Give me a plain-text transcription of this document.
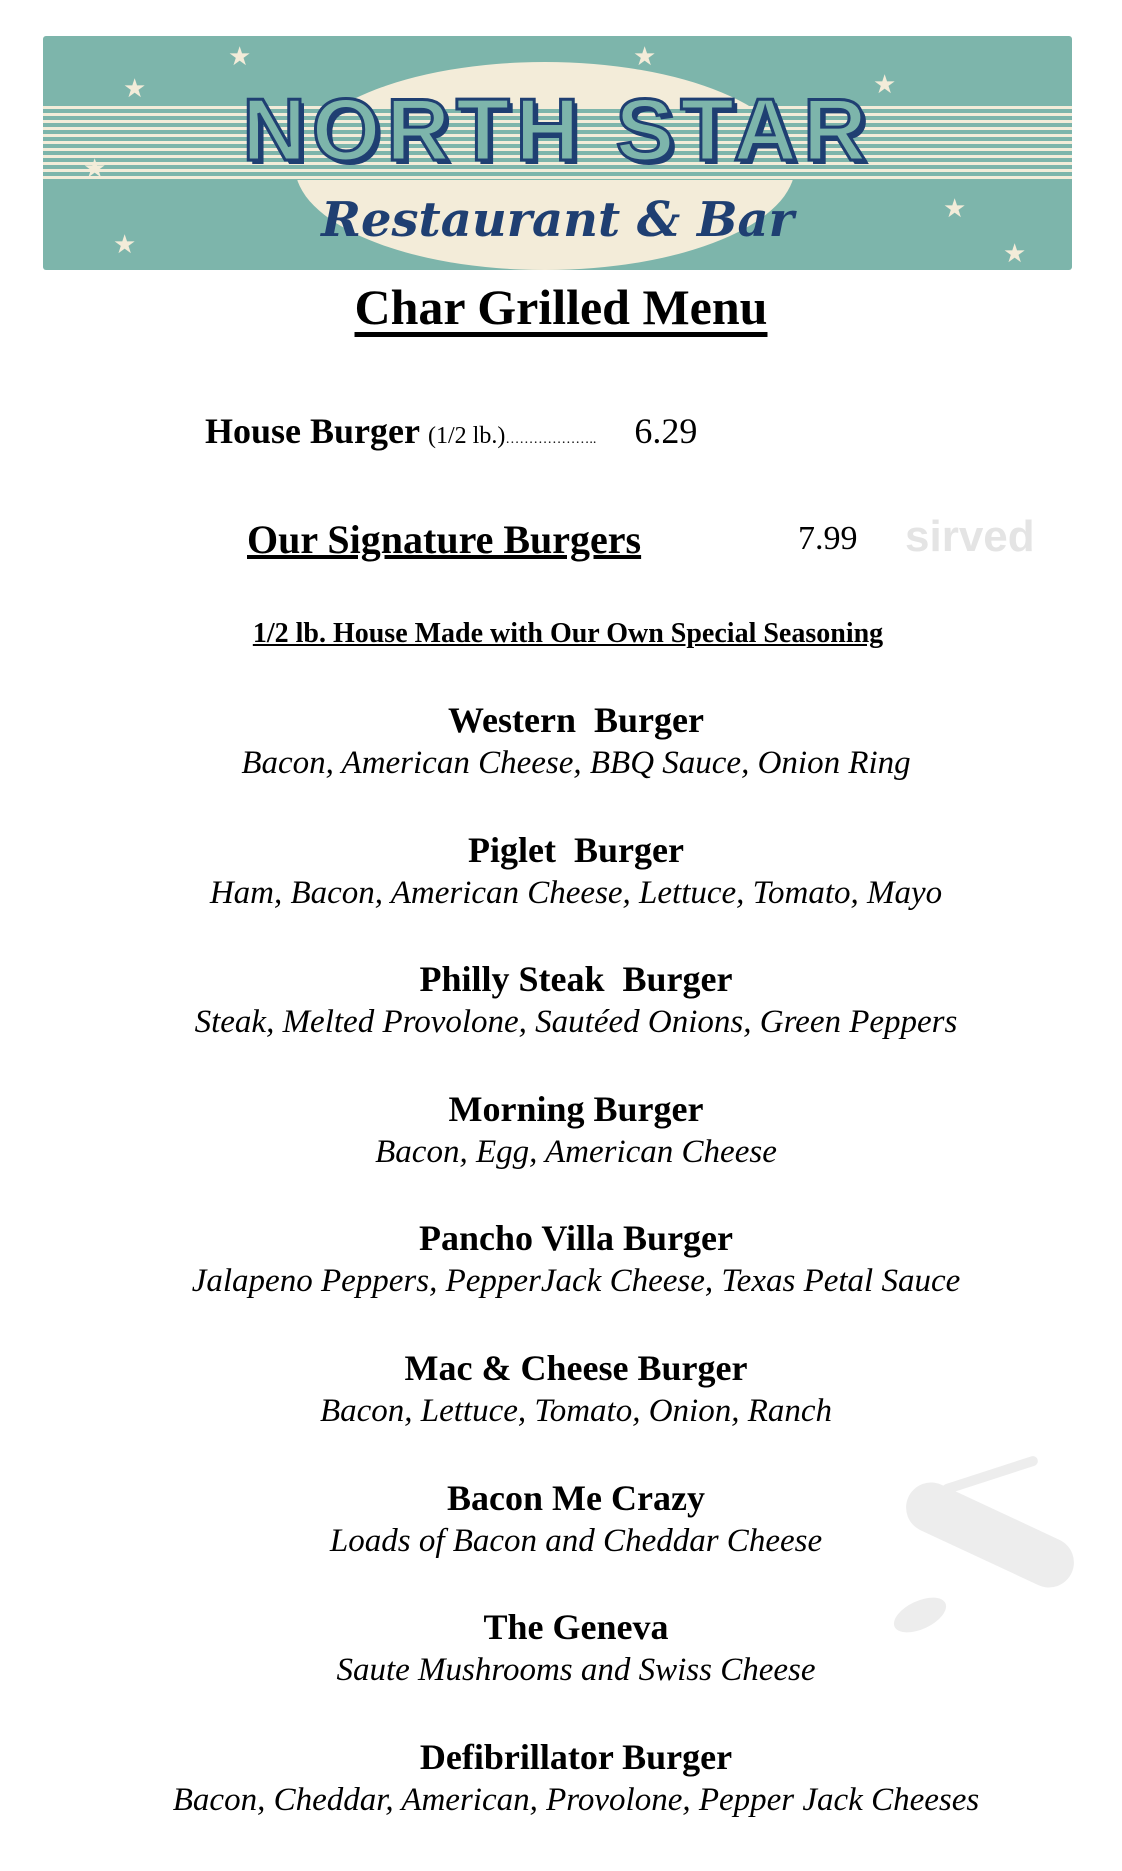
★
★	★
★
★
★
★
★
NORTH STAR
Restaurant & Bar
Char Grilled Menu
House Burger (1/2 lb.) ……………….. 6.29
Our Signature Burgers	7.99 sirved
1/2 lb. House Made with Our Own Special Seasoning
Western  Burger
Bacon, American Cheese, BBQ Sauce, Onion Ring
Piglet  Burger
Ham, Bacon, American Cheese, Lettuce, Tomato, Mayo
Philly Steak  Burger
Steak, Melted Provolone, Sautéed Onions, Green Peppers
Morning Burger
Bacon, Egg, American Cheese
Pancho Villa Burger
Jalapeno Peppers, PepperJack Cheese, Texas Petal Sauce
Mac & Cheese Burger
Bacon, Lettuce, Tomato, Onion, Ranch
Bacon Me Crazy
Loads of Bacon and Cheddar Cheese
The Geneva
Saute Mushrooms and Swiss Cheese
Defibrillator Burger
Bacon, Cheddar, American, Provolone, Pepper Jack Cheeses
